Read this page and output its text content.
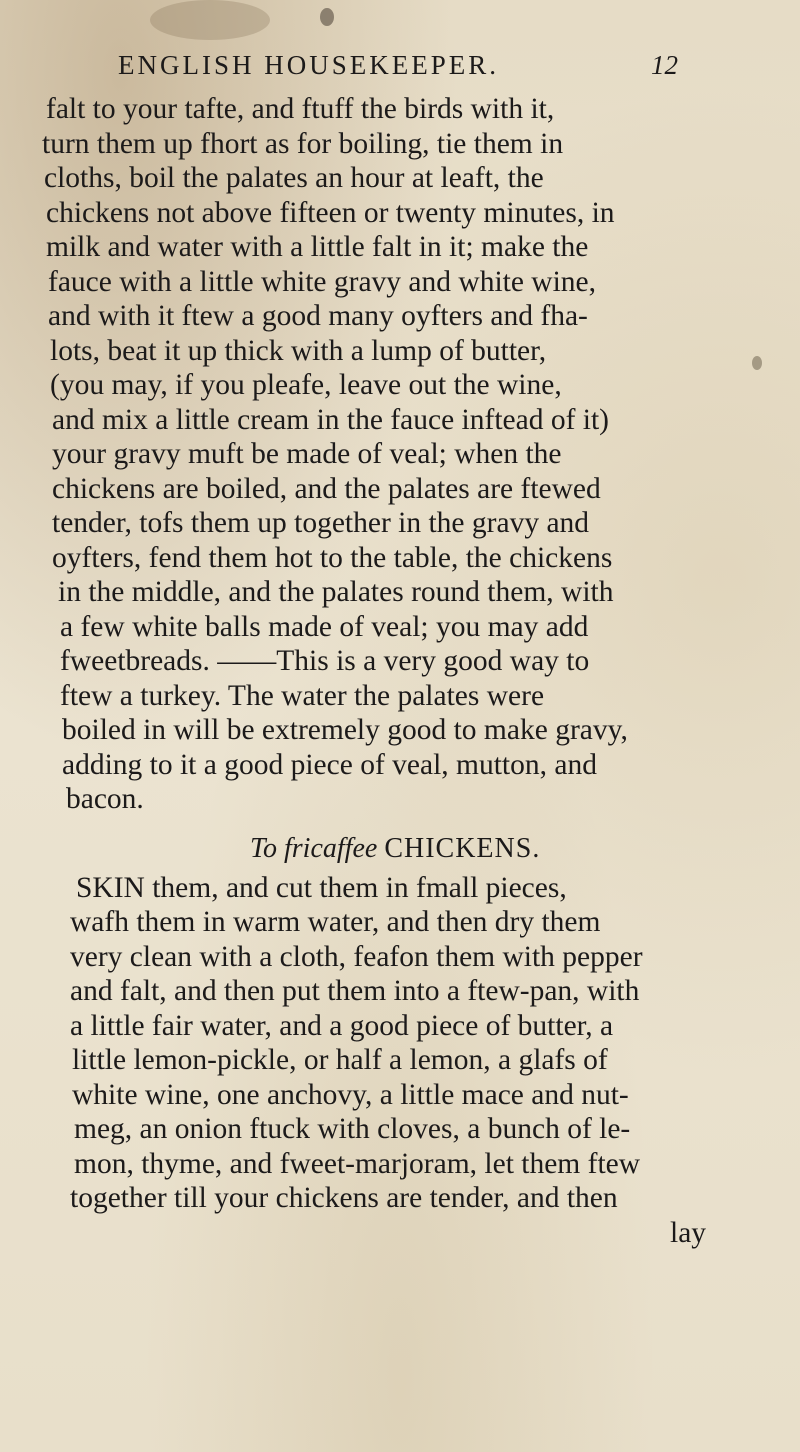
ENGLISH HOUSEKEEPER.	12
falt to your tafte, and ftuff the birds with it,
turn them up fhort as for boiling, tie them in
cloths, boil the palates an hour at leaft, the
chickens not above fifteen or twenty minutes, in
milk and water with a little falt in it; make the
fauce with a little white gravy and white wine,
and with it ftew a good many oyfters and fha-
lots, beat it up thick with a lump of butter,
(you may, if you pleafe, leave out the wine,
and mix a little cream in the fauce inftead of it)
your gravy muft be made of veal; when the
chickens are boiled, and the palates are ftewed
tender, tofs them up together in the gravy and
oyfters, fend them hot to the table, the chickens
in the middle, and the palates round them, with
a few white balls made of veal; you may add
fweetbreads. ——This is a very good way to
ftew a turkey. The water the palates were
boiled in will be extremely good to make gravy,
adding to it a good piece of veal, mutton, and
bacon.
To fricaffee CHICKENS.
SKIN them, and cut them in fmall pieces,
wafh them in warm water, and then dry them
very clean with a cloth, feafon them with pepper
and falt, and then put them into a ftew-pan, with
a little fair water, and a good piece of butter, a
little lemon-pickle, or half a lemon, a glafs of
white wine, one anchovy, a little mace and nut-
meg, an onion ftuck with cloves, a bunch of le-
mon, thyme, and fweet-marjoram, let them ftew
together till your chickens are tender, and then
lay
